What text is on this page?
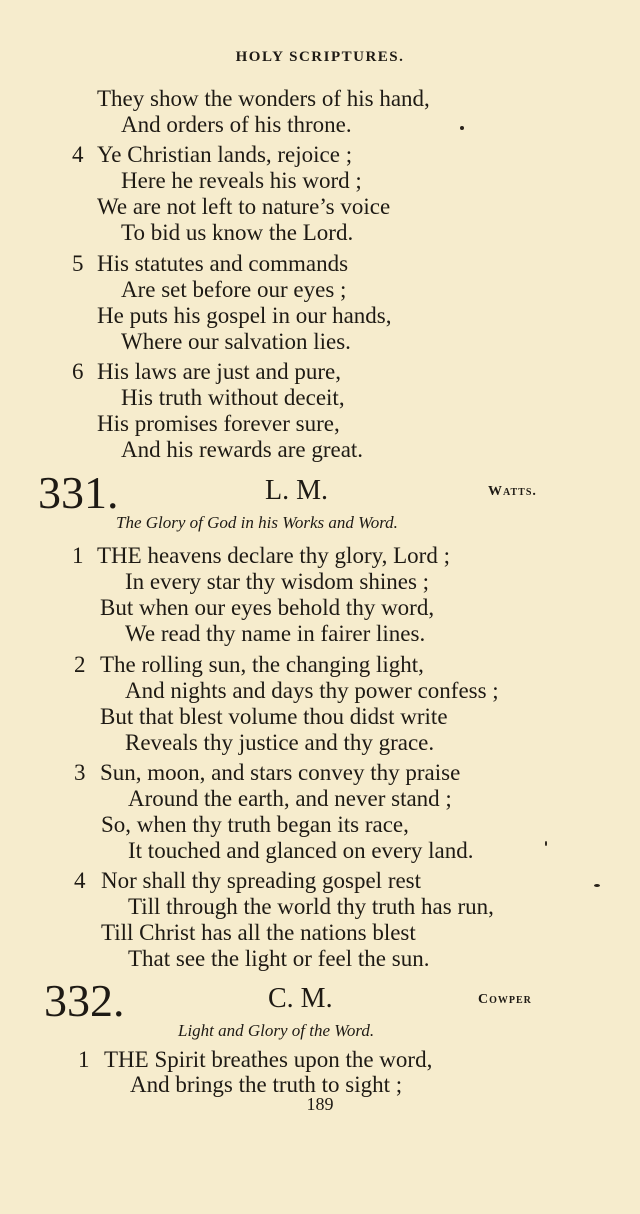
HOLY SCRIPTURES.
They show the wonders of his hand,
And orders of his throne.
4 Ye Christian lands, rejoice ;
Here he reveals his word ;
We are not left to nature’s voice
To bid us know the Lord.
5 His statutes and commands
Are set before our eyes ;
He puts his gospel in our hands,
Where our salvation lies.
6 His laws are just and pure,
His truth without deceit,
His promises forever sure,
And his rewards are great.
331.	L. M.	Watts.
The Glory of God in his Works and Word.
1 THE heavens declare thy glory, Lord ;
In every star thy wisdom shines ;
But when our eyes behold thy word,
We read thy name in fairer lines.
2 The rolling sun, the changing light,
And nights and days thy power confess ;
But that blest volume thou didst write
Reveals thy justice and thy grace.
3 Sun, moon, and stars convey thy praise
Around the earth, and never stand ;
So, when thy truth began its race,
It touched and glanced on every land.
4 Nor shall thy spreading gospel rest
Till through the world thy truth has run,
Till Christ has all the nations blest
That see the light or feel the sun.
332.	C. M.	Cowper
Light and Glory of the Word.
1 THE Spirit breathes upon the word,
And brings the truth to sight ;
189
